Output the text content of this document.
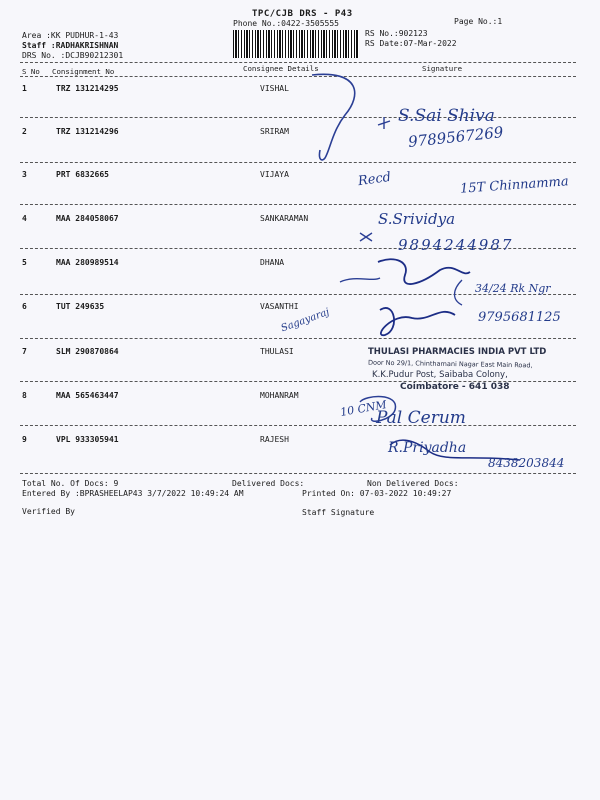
TPC/CJB DRS - P43
Phone No.:0422-3505555	Page No.:1
Area :KK PUDHUR-1-43
Staff :RADHAKRISHNAN
DRS No. :DCJB90212301
RS No.:902123
RS Date:07-Mar-2022
S No Consignment No	Consignee Details	Signature
1	TRZ 131214295	VISHAL
2	TRZ 131214296	SRIRAM
3	PRT 6832665	VIJAYA
4	MAA 284058067	SANKARAMAN
5	MAA 280989514	DHANA
6	TUT 249635	VASANTHI
7	SLM 290870864	THULASI
8	MAA 565463447	MOHANRAM
9	VPL 933305941	RAJESH
S.Sai Shiva
9789567269
Recd	15T Chinnamma
S.Srividya
9894244987
34/24 Rk Ngr
Sagayaraj	9795681125
10 CNM
Pal Cerum
R.Priyadha
8438203844
THULASI PHARMACIES INDIA PVT LTD
Door No 29/1, Chinthamani Nagar East Main Road,
K.K.Pudur Post, Saibaba Colony,
Coimbatore - 641 038
Total No. Of Docs: 9	Delivered Docs:	Non Delivered Docs:
Entered By :BPRASHEELAP43 3/7/2022 10:49:24 AM	Printed On: 07-03-2022 10:49:27
Verified By	Staff Signature
